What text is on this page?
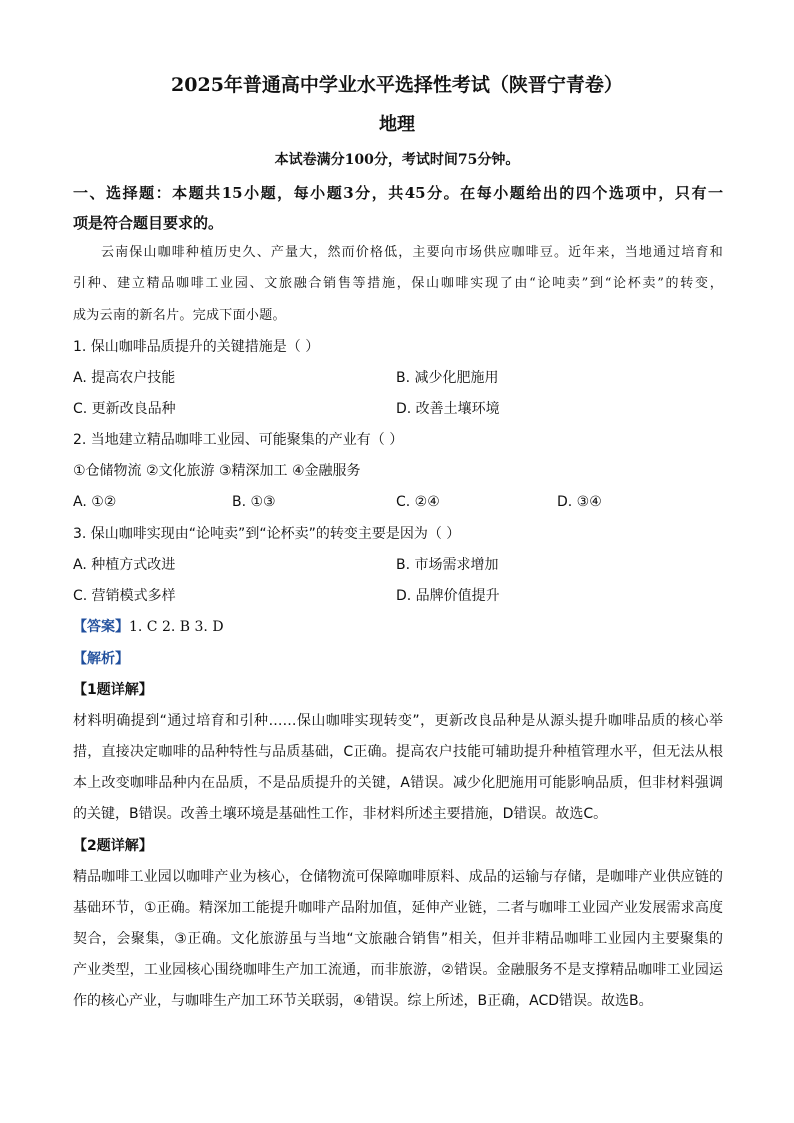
2025年普通高中学业水平选择性考试（陕晋宁青卷）
地理
本试卷满分100分，考试时间75分钟。
一、选择题：本题共15小题，每小题3分，共45分。在每小题给出的四个选项中，只有一
项是符合题目要求的。
云南保山咖啡种植历史久、产量大，然而价格低，主要向市场供应咖啡豆。近年来，当地通过培育和
引种、建立精品咖啡工业园、文旅融合销售等措施，保山咖啡实现了由“论吨卖”到“论杯卖”的转变，
成为云南的新名片。完成下面小题。
1. 保山咖啡品质提升的关键措施是（ ）
A. 提高农户技能	B. 减少化肥施用
C. 更新改良品种	D. 改善土壤环境
2. 当地建立精品咖啡工业园、可能聚集的产业有（ ）
①仓储物流 ②文化旅游 ③精深加工 ④金融服务
A. ①②	B. ①③	C. ②④	D. ③④
3. 保山咖啡实现由“论吨卖”到“论杯卖”的转变主要是因为（ ）
A. 种植方式改进	B. 市场需求增加
C. 营销模式多样	D. 品牌价值提升
【答案】1. C 2. B 3. D
【解析】
【1题详解】
材料明确提到“通过培育和引种……保山咖啡实现转变”，更新改良品种是从源头提升咖啡品质的核心举
措，直接决定咖啡的品种特性与品质基础，C正确。提高农户技能可辅助提升种植管理水平，但无法从根
本上改变咖啡品种内在品质，不是品质提升的关键，A错误。减少化肥施用可能影响品质，但非材料强调
的关键，B错误。改善土壤环境是基础性工作，非材料所述主要措施，D错误。故选C。
【2题详解】
精品咖啡工业园以咖啡产业为核心，仓储物流可保障咖啡原料、成品的运输与存储，是咖啡产业供应链的
基础环节，①正确。精深加工能提升咖啡产品附加值，延伸产业链，二者与咖啡工业园产业发展需求高度
契合，会聚集，③正确。文化旅游虽与当地“文旅融合销售”相关，但并非精品咖啡工业园内主要聚集的
产业类型，工业园核心围绕咖啡生产加工流通，而非旅游，②错误。金融服务不是支撑精品咖啡工业园运
作的核心产业，与咖啡生产加工环节关联弱，④错误。综上所述，B正确，ACD错误。故选B。
